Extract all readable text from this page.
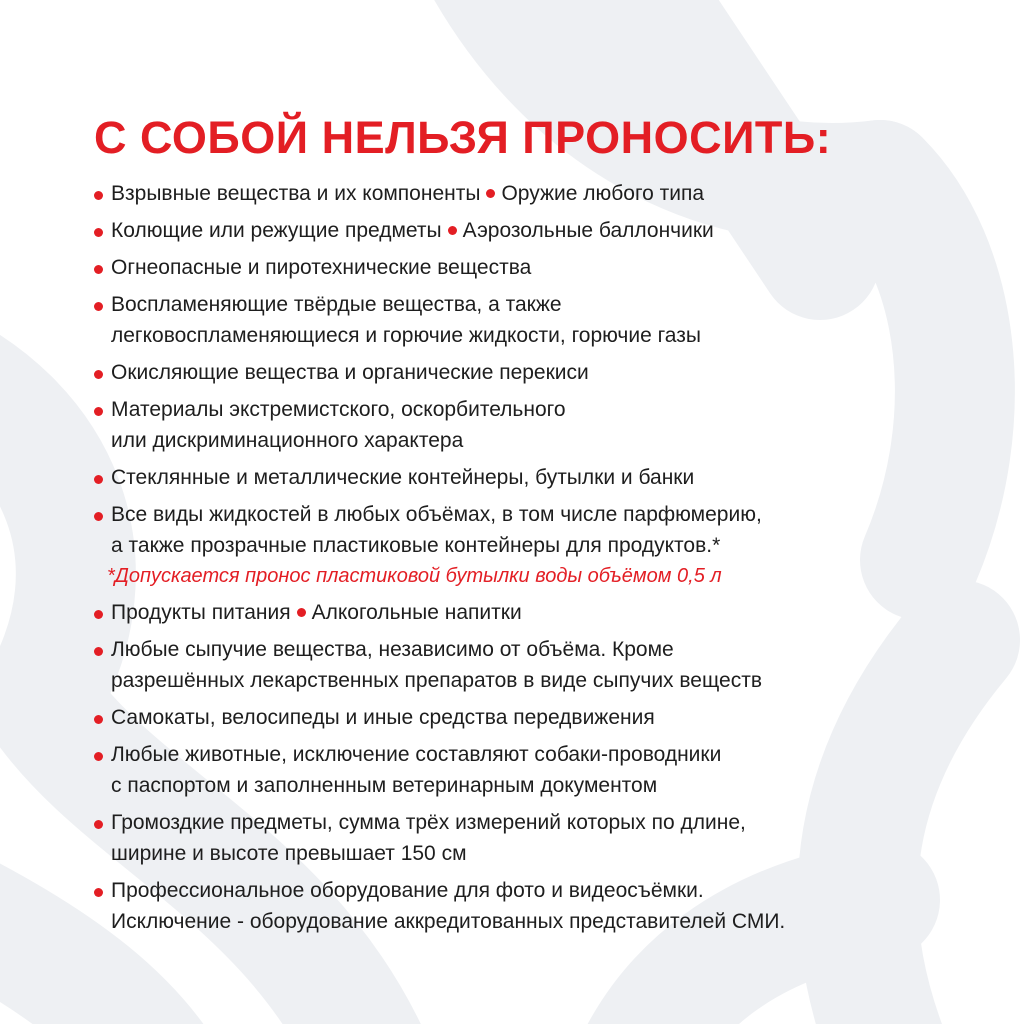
С СОБОЙ НЕЛЬЗЯ ПРОНОСИТЬ:
Взрывные вещества и их компоненты Оружие любого типа
Колющие или режущие предметы Аэрозольные баллончики
Огнеопасные и пиротехнические вещества
Воспламеняющие твёрдые вещества, а также
легковоспламеняющиеся и горючие жидкости, горючие газы
Окисляющие вещества и органические перекиси
Материалы экстремистского, оскорбительного
или дискриминационного характера
Стеклянные и металлические контейнеры, бутылки и банки
Все виды жидкостей в любых объёмах, в том числе парфюмерию,
а также прозрачные пластиковые контейнеры для продуктов.*
*Допускается пронос пластиковой бутылки воды объёмом 0,5 л
Продукты питания Алкогольные напитки
Любые сыпучие вещества, независимо от объёма. Кроме
разрешённых лекарственных препаратов в виде сыпучих веществ
Самокаты, велосипеды и иные средства передвижения
Любые животные, исключение составляют собаки-проводники
с паспортом и заполненным ветеринарным документом
Громоздкие предметы, сумма трёх измерений которых по длине,
ширине и высоте превышает 150 см
Профессиональное оборудование для фото и видеосъёмки.
Исключение - оборудование аккредитованных представителей СМИ.
